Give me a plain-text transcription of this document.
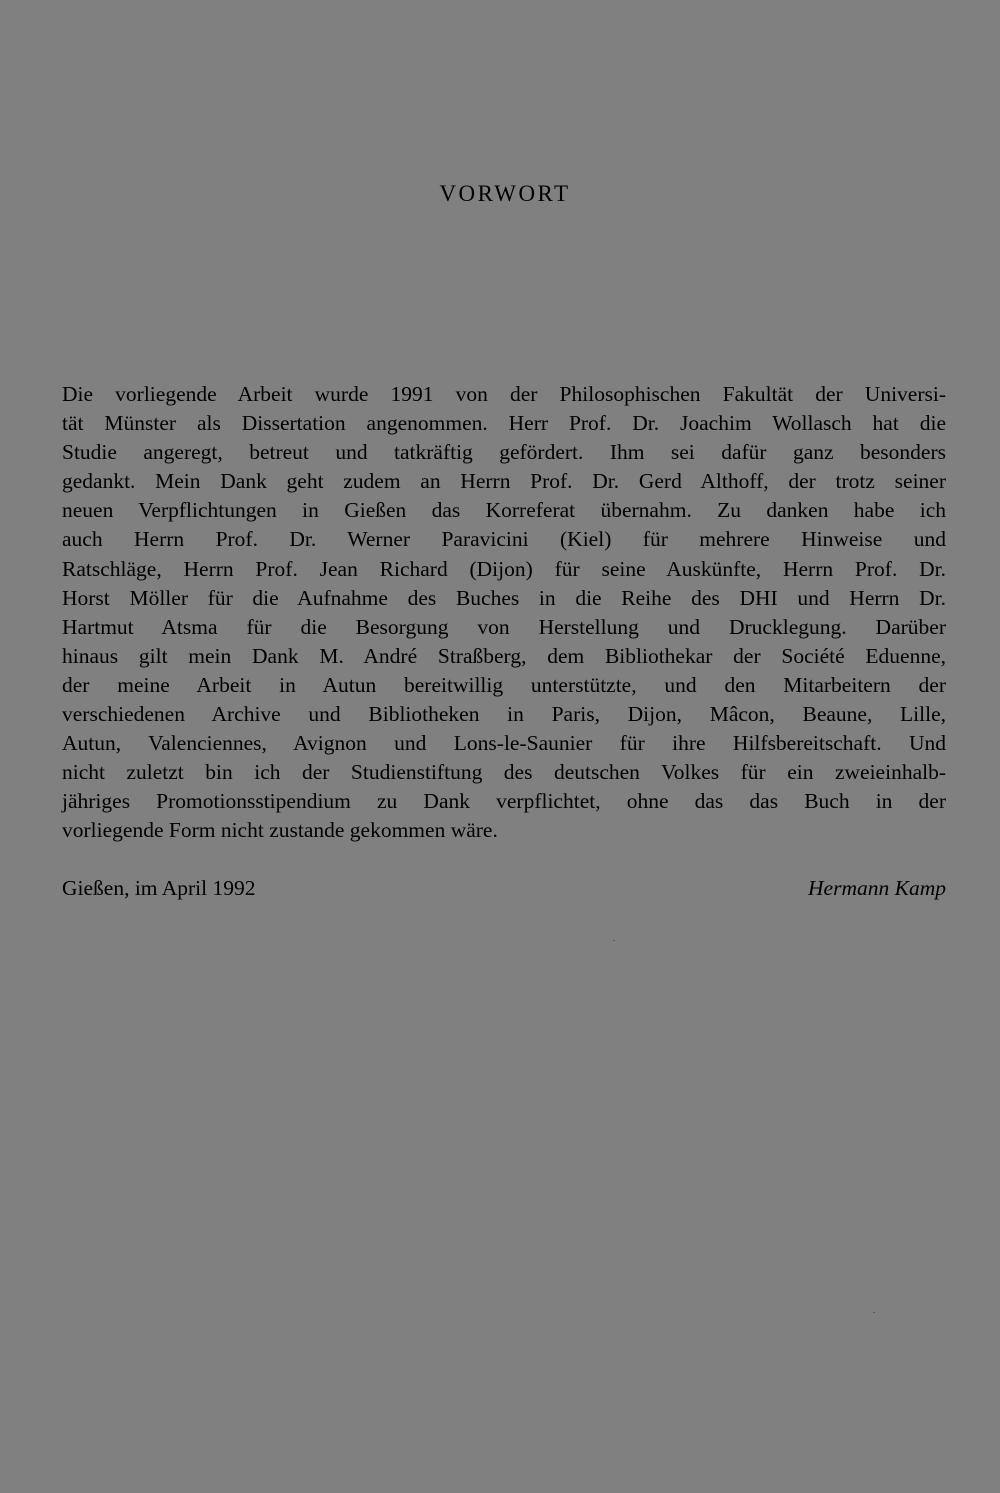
VORWORT
Die vorliegende Arbeit wurde 1991 von der Philosophischen Fakultät der Universi-
tät Münster als Dissertation angenommen. Herr Prof. Dr. Joachim Wollasch hat die
Studie angeregt, betreut und tatkräftig gefördert. Ihm sei dafür ganz besonders
gedankt. Mein Dank geht zudem an Herrn Prof. Dr. Gerd Althoff, der trotz seiner
neuen Verpflichtungen in Gießen das Korreferat übernahm. Zu danken habe ich
auch Herrn Prof. Dr. Werner Paravicini (Kiel) für mehrere Hinweise und
Ratschläge, Herrn Prof. Jean Richard (Dijon) für seine Auskünfte, Herrn Prof. Dr.
Horst Möller für die Aufnahme des Buches in die Reihe des DHI und Herrn Dr.
Hartmut Atsma für die Besorgung von Herstellung und Drucklegung. Darüber
hinaus gilt mein Dank M. André Straßberg, dem Bibliothekar der Société Eduenne,
der meine Arbeit in Autun bereitwillig unterstützte, und den Mitarbeitern der
verschiedenen Archive und Bibliotheken in Paris, Dijon, Mâcon, Beaune, Lille,
Autun, Valenciennes, Avignon und Lons-le-Saunier für ihre Hilfsbereitschaft. Und
nicht zuletzt bin ich der Studienstiftung des deutschen Volkes für ein zweieinhalb-
jähriges Promotionsstipendium zu Dank verpflichtet, ohne das das Buch in der
vorliegende Form nicht zustande gekommen wäre.
Gießen, im April 1992	Hermann Kamp
